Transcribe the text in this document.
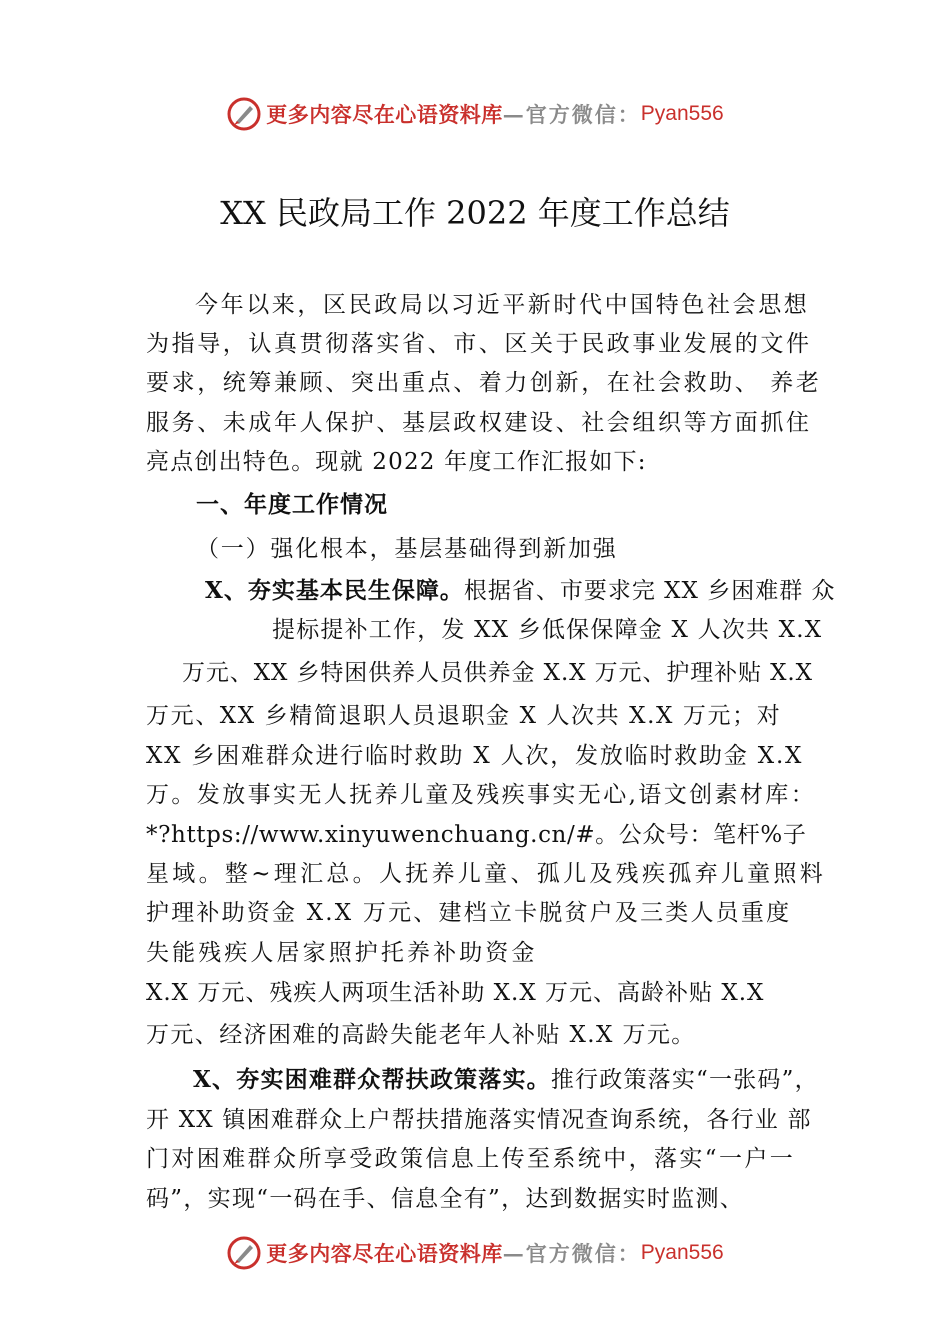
更多内容尽在心语资料库 — 官方微信： Pyan556
XX 民政局工作 2022 年度工作总结
今年以来，区民政局以习近平新时代中国特色社会思想
为指导，认真贯彻落实省、市、区关于民政事业发展的文件
要求，统筹兼顾、突出重点、着力创新，在社会救助、 养老
服务、未成年人保护、基层政权建设、社会组织等方面抓住
亮点创出特色。现就 2022 年度工作汇报如下:
一、年度工作情况
（一）强化根本，基层基础得到新加强
X、夯实基本民生保障。根据省、市要求完 XX 乡困难群 众
提标提补工作，发 XX 乡低保保障金 X 人次共 X.X
万元、XX 乡特困供养人员供养金 X.X 万元、护理补贴 X.X
万元、XX 乡精简退职人员退职金 X 人次共 X.X 万元；对
XX 乡困难群众进行临时救助 X 人次，发放临时救助金 X.X
万。发放事实无人抚养儿童及残疾事实无心,语文创素材库：
*?https://www.xinyuwenchuang.cn/#。公众号：笔杆%子
星域。整~理汇总。人抚养儿童、孤儿及残疾孤弃儿童照料
护理补助资金 X.X 万元、建档立卡脱贫户及三类人员重度
失能残疾人居家照护托养补助资金
X.X 万元、残疾人两项生活补助 X.X 万元、高龄补贴 X.X
万元、经济困难的高龄失能老年人补贴 X.X 万元。
X、夯实困难群众帮扶政策落实。推行政策落实“一张码”，
开 XX 镇困难群众上户帮扶措施落实情况查询系统，各行业 部
门对困难群众所享受政策信息上传至系统中，落实“一户一
码”，实现“一码在手、信息全有”，达到数据实时监测、
更多内容尽在心语资料库 — 官方微信： Pyan556
